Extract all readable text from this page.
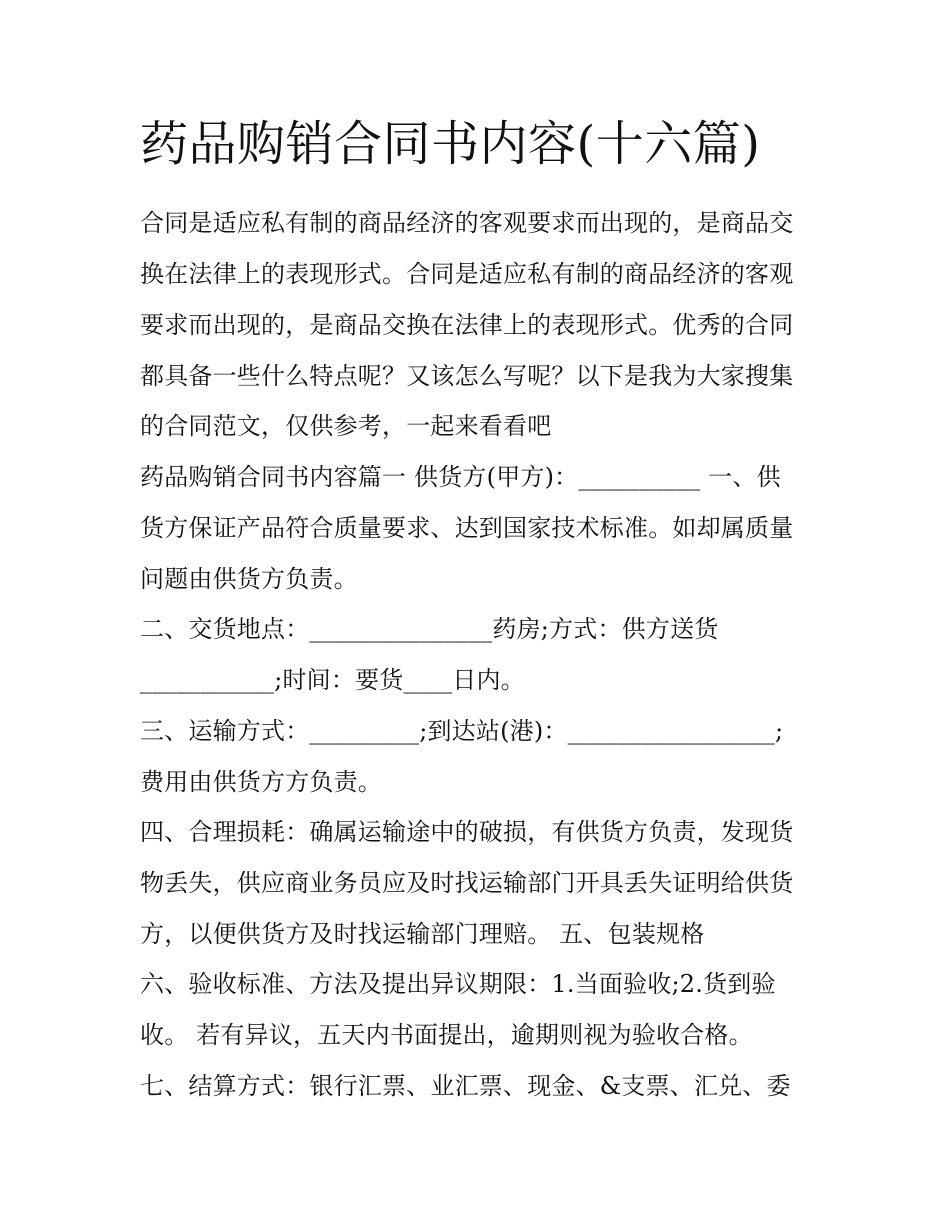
药品购销合同书内容(十六篇)
合同是适应私有制的商品经济的客观要求而出现的，是商品交
换在法律上的表现形式。合同是适应私有制的商品经济的客观
要求而出现的，是商品交换在法律上的表现形式。优秀的合同
都具备一些什么特点呢？又该怎么写呢？以下是我为大家搜集
的合同范文，仅供参考，一起来看看吧
药品购销合同书内容篇一 供货方(甲方)：__________ 一、供
货方保证产品符合质量要求、达到国家技术标准。如却属质量
问题由供货方负责。
二、交货地点：_______________药房;方式：供方送货
___________;时间：要货____日内。
三、运输方式：_________;到达站(港)：_________________;
费用由供货方方负责。
四、合理损耗：确属运输途中的破损，有供货方负责，发现货
物丢失，供应商业务员应及时找运输部门开具丢失证明给供货
方，以便供货方及时找运输部门理赔。 五、包装规格
六、验收标准、方法及提出异议期限：1.当面验收;2.货到验
收。 若有异议，五天内书面提出，逾期则视为验收合格。
七、结算方式：银行汇票、业汇票、现金、&支票、汇兑、委
